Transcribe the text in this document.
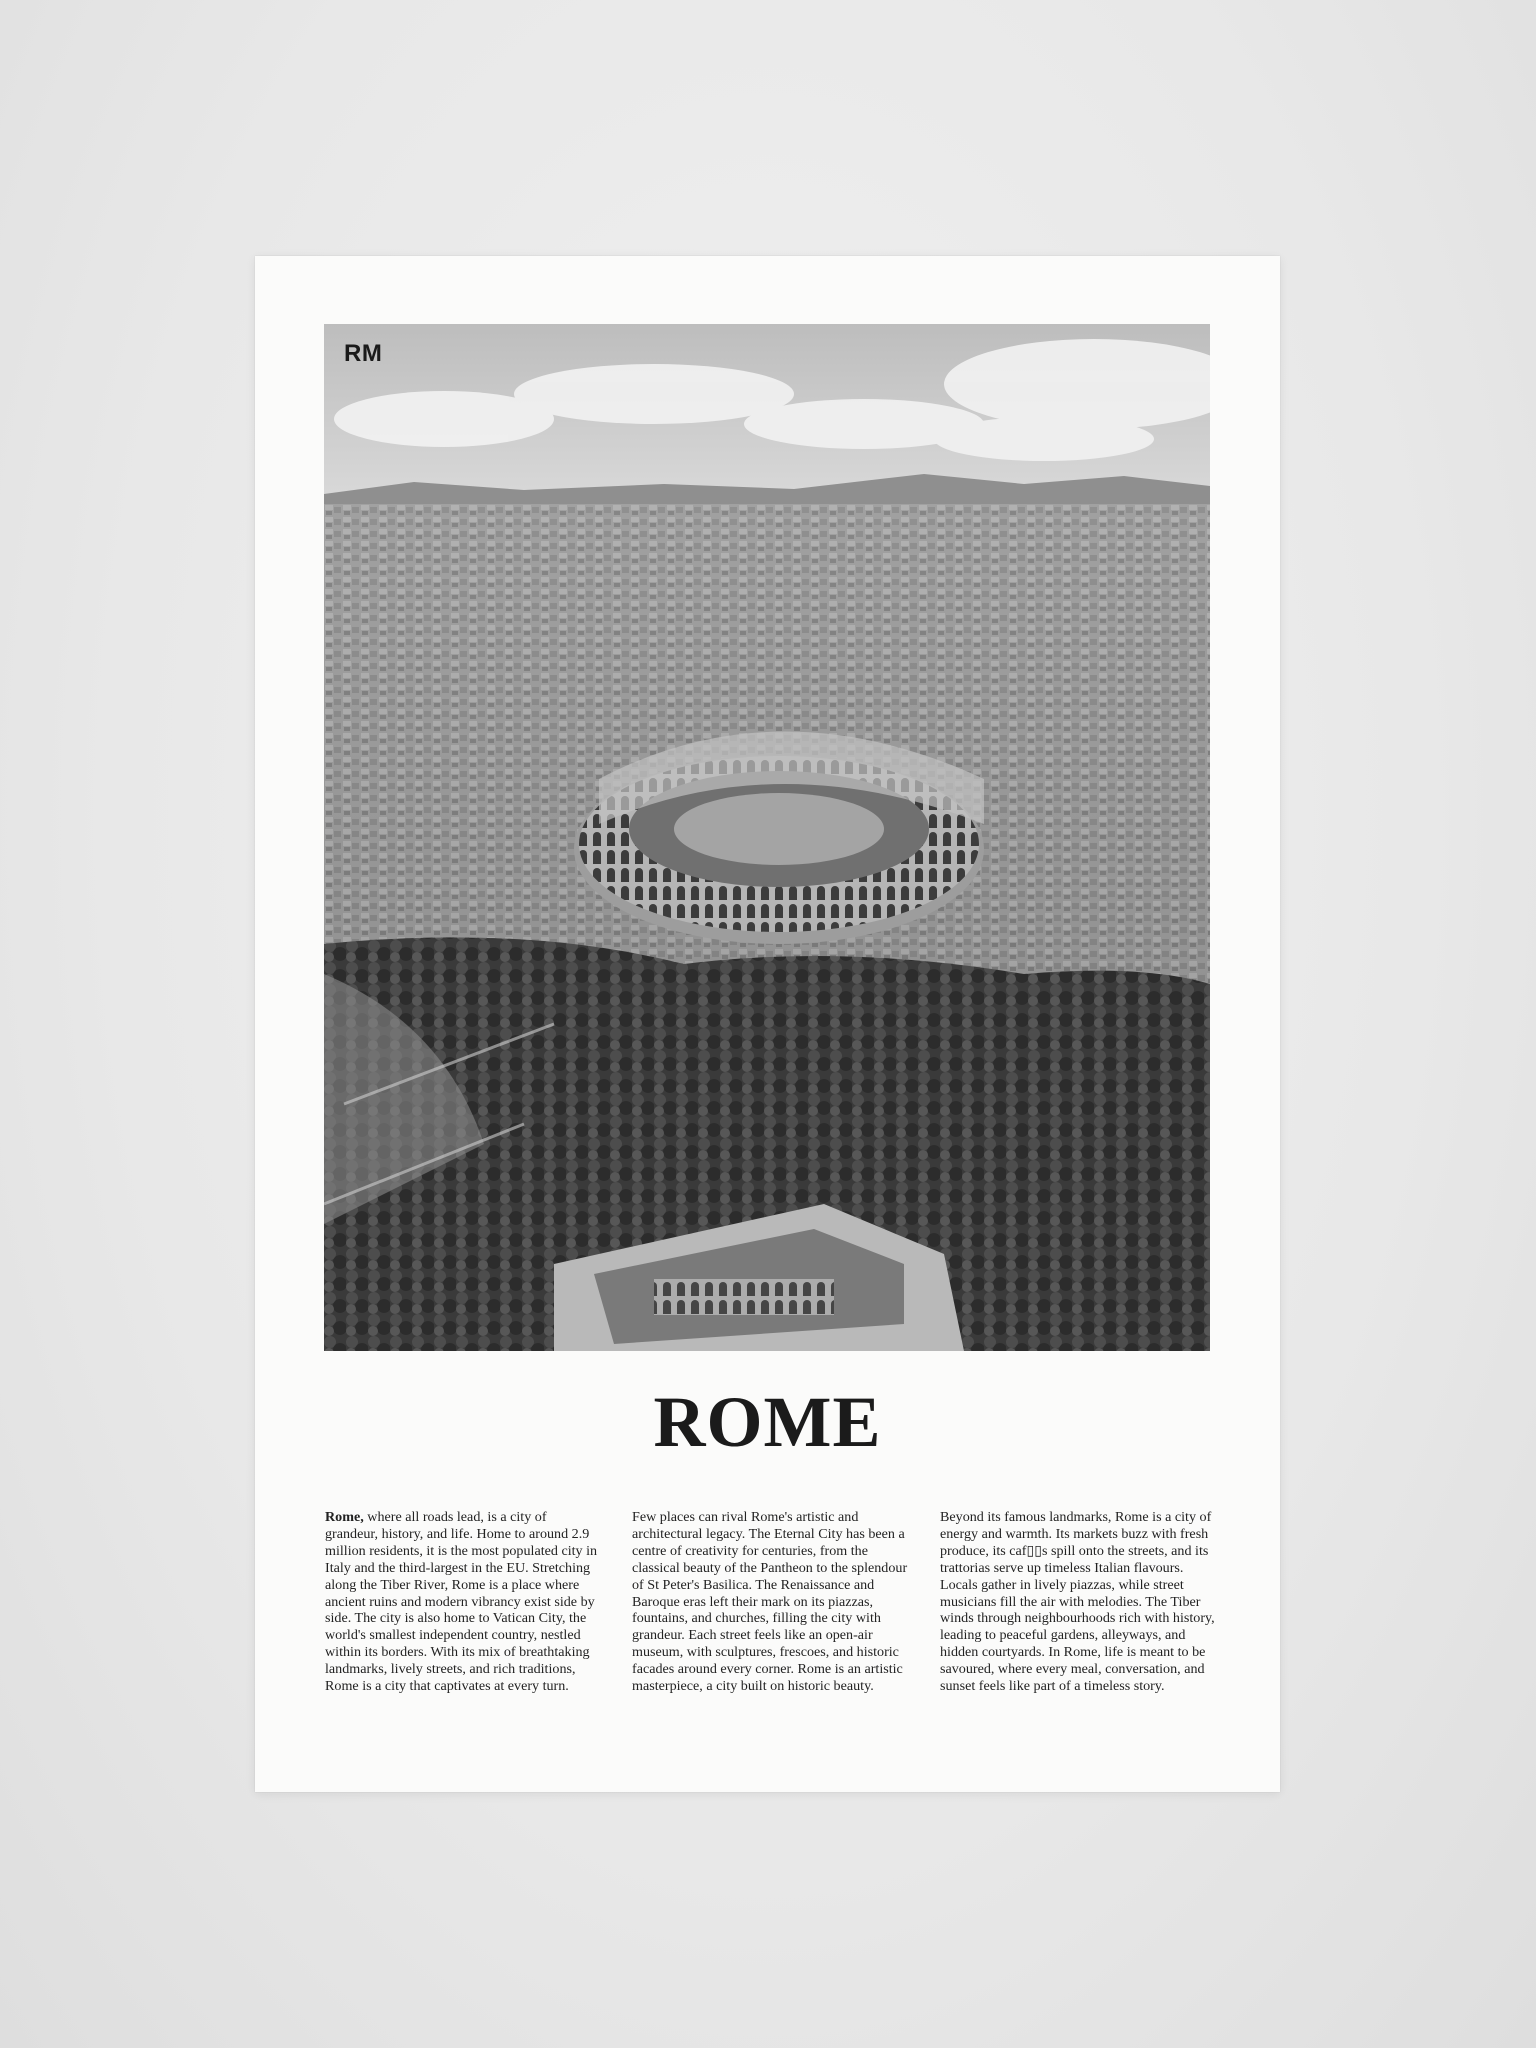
RM
ROME
Rome, where all roads lead, is a city of grandeur, history, and life. Home to around 2.9 million residents, it is the most populated city in Italy and the third-largest in the EU. Stretching along the Tiber River, Rome is a place where ancient ruins and modern vibrancy exist side by side. The city is also home to Vatican City, the world's smallest independent country, nestled within its borders. With its mix of breathtaking landmarks, lively streets, and rich traditions, Rome is a city that captivates at every turn.
Few places can rival Rome's artistic and architectural legacy. The Eternal City has been a centre of creativity for centuries, from the classical beauty of the Pantheon to the splendour of St Peter's Basilica. The Renaissance and Baroque eras left their mark on its piazzas, fountains, and churches, filling the city with grandeur. Each street feels like an open-air museum, with sculptures, frescoes, and historic facades around every corner. Rome is an artistic masterpiece, a city built on historic beauty.
Beyond its famous landmarks, Rome is a city of energy and warmth. Its markets buzz with fresh produce, its caf▯▯s spill onto the streets, and its trattorias serve up timeless Italian flavours. Locals gather in lively piazzas, while street musicians fill the air with melodies. The Tiber winds through neighbourhoods rich with history, leading to peaceful gardens, alleyways, and hidden courtyards. In Rome, life is meant to be savoured, where every meal, conversation, and sunset feels like part of a timeless story.
